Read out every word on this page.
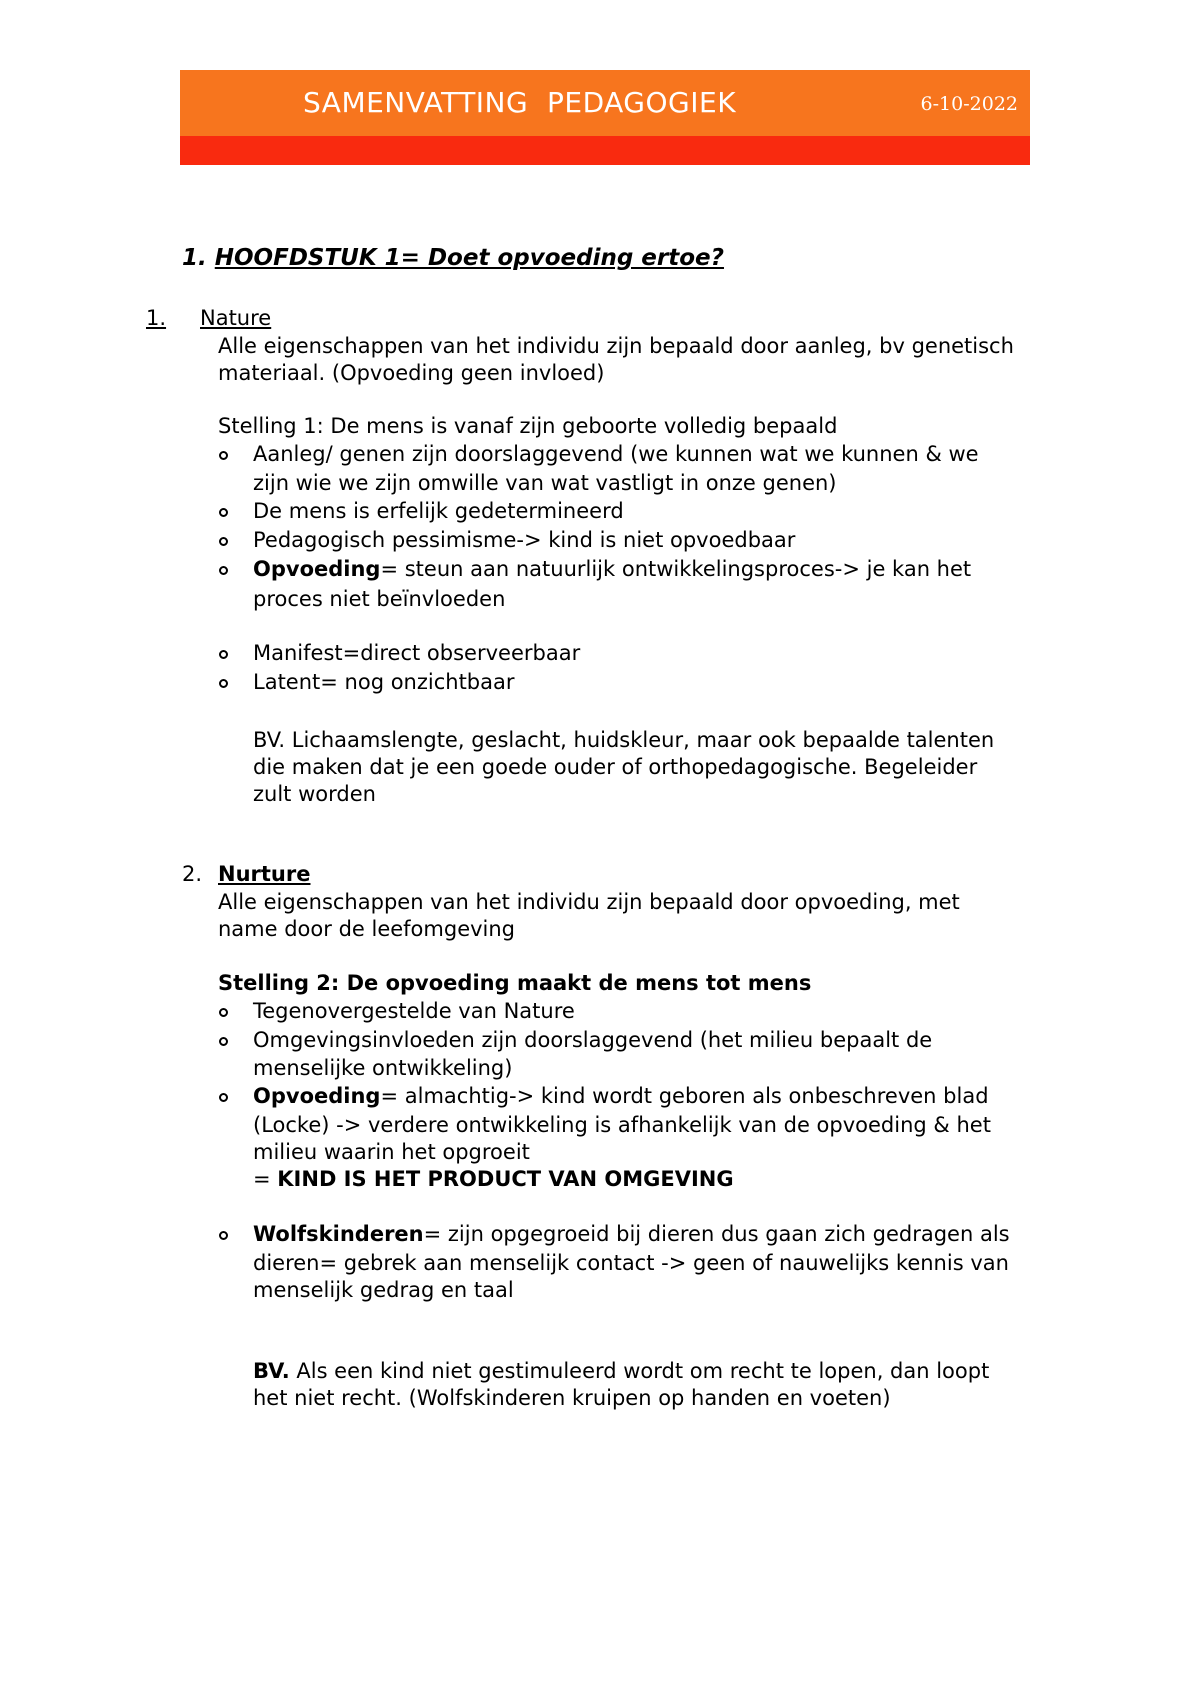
SAMENVATTING  PEDAGOGIEK	6-10-2022
1. HOOFDSTUK 1= Doet opvoeding ertoe?
1. Nature
Alle eigenschappen van het individu zijn bepaald door aanleg, bv genetisch
materiaal. (Opvoeding geen invloed)
Stelling 1: De mens is vanaf zijn geboorte volledig bepaald
Aanleg/ genen zijn doorslaggevend (we kunnen wat we kunnen & we
zijn wie we zijn omwille van wat vastligt in onze genen)
De mens is erfelijk gedetermineerd
Pedagogisch pessimisme-> kind is niet opvoedbaar
Opvoeding= steun aan natuurlijk ontwikkelingsproces-> je kan het
proces niet beïnvloeden
Manifest=direct observeerbaar
Latent= nog onzichtbaar
BV. Lichaamslengte, geslacht, huidskleur, maar ook bepaalde talenten
die maken dat je een goede ouder of orthopedagogische. Begeleider
zult worden
2. Nurture
Alle eigenschappen van het individu zijn bepaald door opvoeding, met
name door de leefomgeving
Stelling 2: De opvoeding maakt de mens tot mens
Tegenovergestelde van Nature
Omgevingsinvloeden zijn doorslaggevend (het milieu bepaalt de
menselijke ontwikkeling)
Opvoeding= almachtig-> kind wordt geboren als onbeschreven blad
(Locke) -> verdere ontwikkeling is afhankelijk van de opvoeding & het
milieu waarin het opgroeit
= KIND IS HET PRODUCT VAN OMGEVING
Wolfskinderen= zijn opgegroeid bij dieren dus gaan zich gedragen als
dieren= gebrek aan menselijk contact -> geen of nauwelijks kennis van
menselijk gedrag en taal
BV. Als een kind niet gestimuleerd wordt om recht te lopen, dan loopt
het niet recht. (Wolfskinderen kruipen op handen en voeten)
